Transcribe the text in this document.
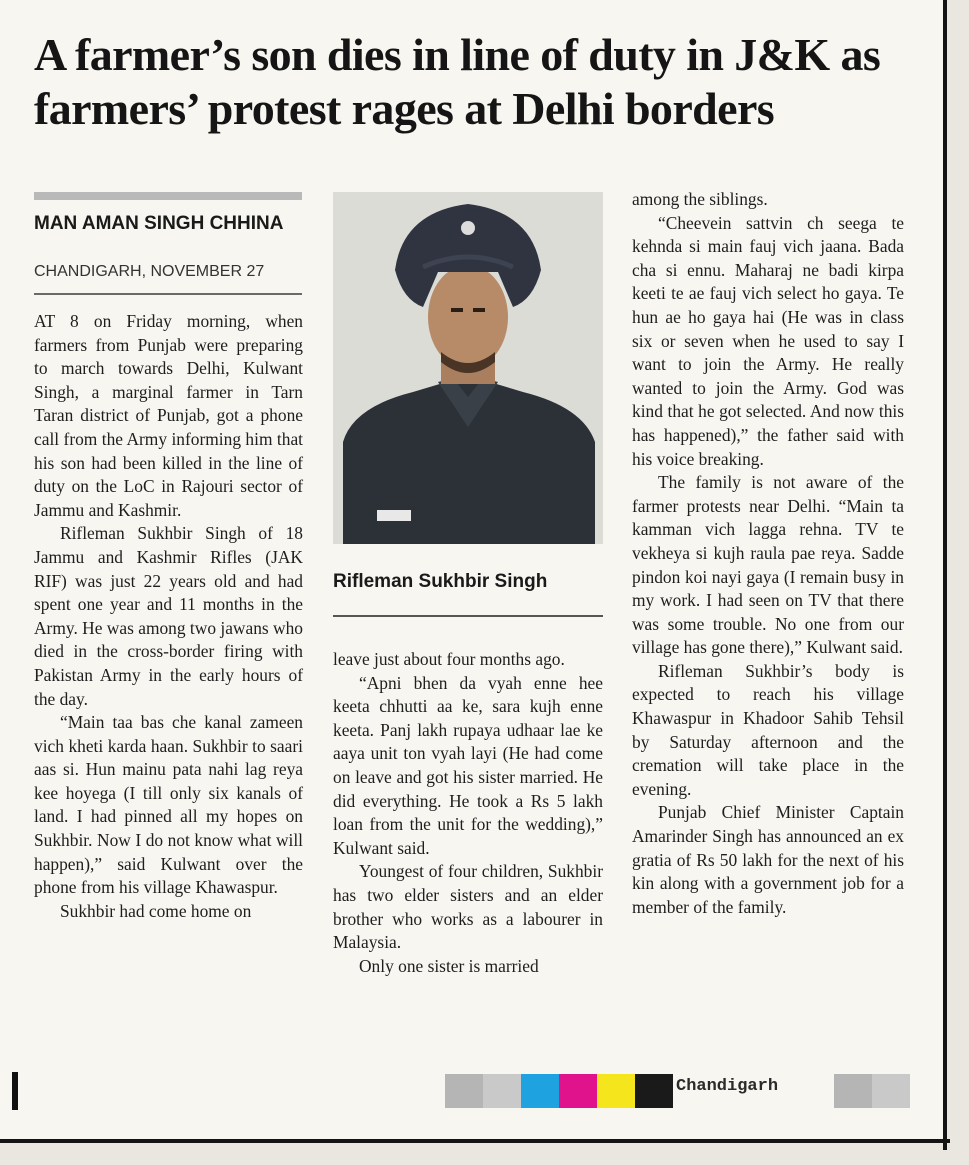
A farmer’s son dies in line of duty in J&K as farmers’ protest rages at Delhi borders
MAN AMAN SINGH CHHINA
CHANDIGARH, NOVEMBER 27

AT 8 on Friday morning, when farmers from Punjab were preparing to march towards Delhi, Kulwant Singh, a marginal farmer in Tarn Taran district of Punjab, got a phone call from the Army informing him that his son had been killed in the line of duty on the LoC in Rajouri sector of Jammu and Kashmir.

Rifleman Sukhbir Singh of 18 Jammu and Kashmir Rifles (JAK RIF) was just 22 years old and had spent one year and 11 months in the Army. He was among two jawans who died in the cross-border firing with Pakistan Army in the early hours of the day.

“Main taa bas che kanal zameen vich kheti karda haan. Sukhbir to saari aas si. Hun mainu pata nahi lag reya kee hoyega (I till only six kanals of land. I had pinned all my hopes on Sukhbir. Now I do not know what will happen),” said Kulwant over the phone from his village Khawaspur.

Sukhbir had come home on

Rifleman Sukhbir Singh

leave just about four months ago.

“Apni bhen da vyah enne hee keeta chhutti aa ke, sara kujh enne keeta. Panj lakh rupaya udhaar lae ke aaya unit ton vyah layi (He had come on leave and got his sister married. He did everything. He took a Rs 5 lakh loan from the unit for the wedding),” Kulwant said.

Youngest of four children, Sukhbir has two elder sisters and an elder brother who works as a labourer in Malaysia.

Only one sister is married

among the siblings.

“Cheevein sattvin ch seega te kehnda si main fauj vich jaana. Bada cha si ennu. Maharaj ne badi kirpa keeti te ae fauj vich select ho gaya. Te hun ae ho gaya hai (He was in class six or seven when he used to say I want to join the Army. He really wanted to join the Army. God was kind that he got selected. And now this has happened),” the father said with his voice breaking.

The family is not aware of the farmer protests near Delhi. “Main ta kamman vich lagga rehna. TV te vekheya si kujh raula pae reya. Sadde pindon koi nayi gaya (I remain busy in my work. I had seen on TV that there was some trouble. No one from our village has gone there),” Kulwant said.

Rifleman Sukhbir’s body is expected to reach his village Khawaspur in Khadoor Sahib Tehsil by Saturday afternoon and the cremation will take place in the evening.

Punjab Chief Minister Captain Amarinder Singh has announced an ex gratia of Rs 50 lakh for the next of his kin along with a government job for a member of the family.

Chandigarh
